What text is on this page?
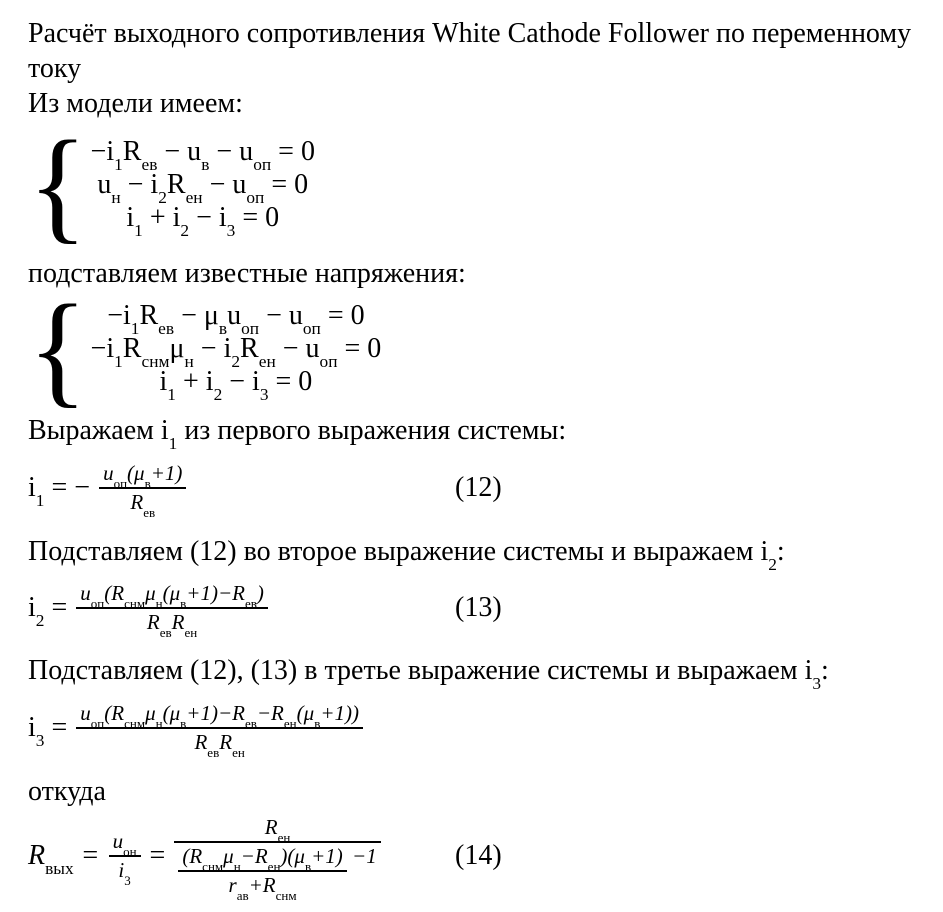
Расчёт выходного сопротивления White Cathode Follower по переменному
току

Из модели имеем:

{ $-i_1R_{ев} - u_в - u_{оп} = 0$
$u_н - i_2R_{ен} - u_{оп} = 0$
$i_1 + i_2 - i_3 = 0$

подставляем известные напряжения:

{ $-i_1R_{ев} - \mu_вu_{оп} - u_{оп} = 0$
$-i_1R_{снм}\mu_н - i_2R_{ен} - u_{оп} = 0$
$i_1 + i_2 - i_3 = 0$

Выражаем $i_1$ из первого выражения системы:

$i_1$ = − $\frac{u_{оп}(\mu_в+1)}{R_{ев}}$	(12)

Подставляем (12) во второе выражение системы и выражаем $i_2$:

$i_2 = \frac{u_{оп}(R_{снм}\mu_н(\mu_в+1)-R_{ев})}{R_{ев}R_{ен}}$	(13)

Подставляем (12), (13) в третье выражение системы и выражаем $i_3$:

$i_3 = \frac{u_{оп}(R_{снм}\mu_н(\mu_в+1)-R_{ев}-R_{ен}(\mu_в+1))}{R_{ев}R_{ен}}$

откуда

$R_{вых} = \frac{u_{он}}{i_3} = \frac{R_{ен}}{\frac{(R_{снм}\mu_н-R_{ен})(\mu_в+1)}{r_{ав}+R_{снм}} -1}$	(14)
